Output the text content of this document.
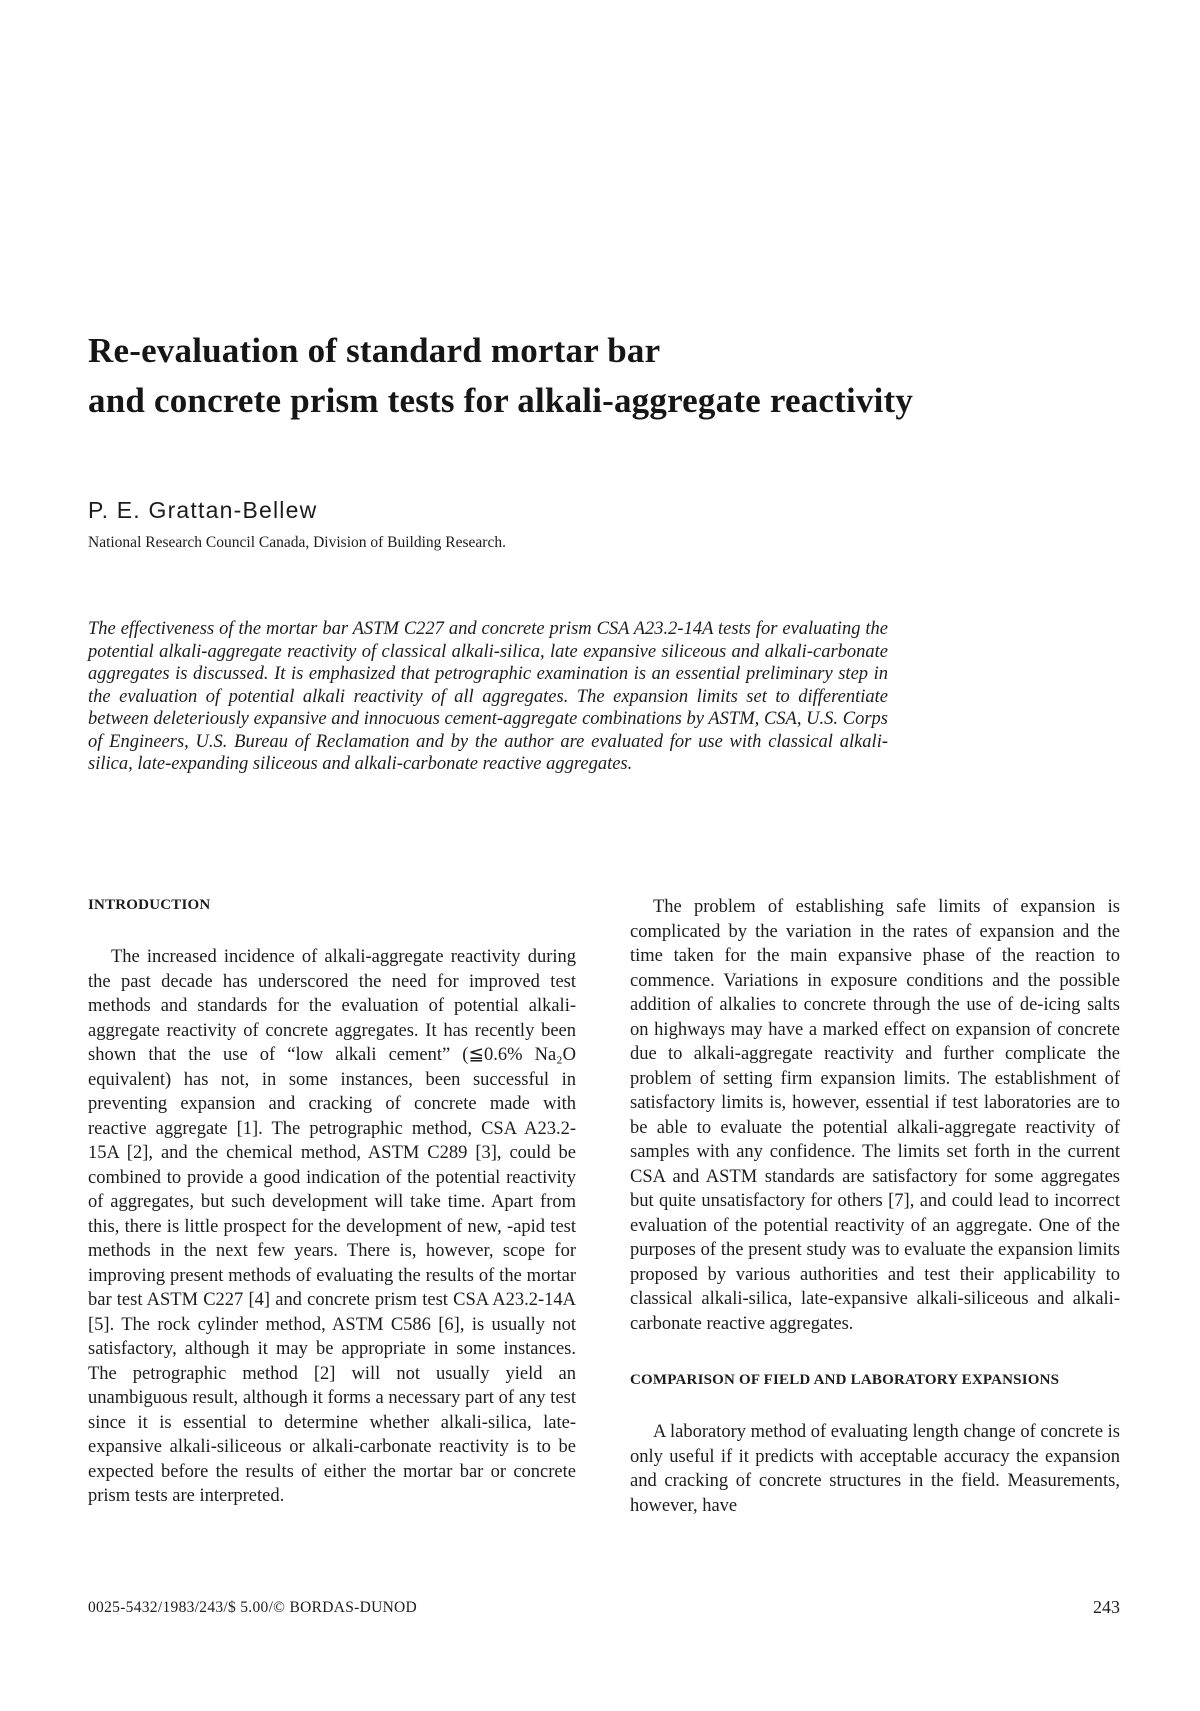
Re-evaluation of standard mortar bar
and concrete prism tests for alkali-aggregate reactivity

P. E. Grattan-Bellew

National Research Council Canada, Division of Building Research.

The effectiveness of the mortar bar ASTM C227 and concrete prism CSA A23.2-14A tests for evaluating the potential alkali-aggregate reactivity of classical alkali-silica, late expansive siliceous and alkali-carbonate aggregates is discussed. It is emphasized that petrographic examination is an essential preliminary step in the evaluation of potential alkali reactivity of all aggregates. The expansion limits set to differentiate between deleteriously expansive and innocuous cement-aggregate combinations by ASTM, CSA, U.S. Corps of Engineers, U.S. Bureau of Reclamation and by the author are evaluated for use with classical alkali-silica, late-expanding siliceous and alkali-carbonate reactive aggregates.

INTRODUCTION

The increased incidence of alkali-aggregate reactivity during the past decade has underscored the need for improved test methods and standards for the evaluation of potential alkali-aggregate reactivity of concrete aggregates. It has recently been shown that the use of “low alkali cement” (≦0.6% Na₂O equivalent) has not, in some instances, been successful in preventing expansion and cracking of concrete made with reactive aggregate [1]. The petrographic method, CSA A23.2-15A [2], and the chemical method, ASTM C289 [3], could be combined to provide a good indication of the potential reactivity of aggregates, but such development will take time. Apart from this, there is little prospect for the development of new, -apid test methods in the next few years. There is, however, scope for improving present methods of evaluating the results of the mortar bar test ASTM C227 [4] and concrete prism test CSA A23.2-14A [5]. The rock cylinder method, ASTM C586 [6], is usually not satisfactory, although it may be appropriate in some instances. The petrographic method [2] will not usually yield an unambiguous result, although it forms a necessary part of any test since it is essential to determine whether alkali-silica, late-expansive alkali-siliceous or alkali-carbonate reactivity is to be expected before the results of either the mortar bar or concrete prism tests are interpreted.

The problem of establishing safe limits of expansion is complicated by the variation in the rates of expansion and the time taken for the main expansive phase of the reaction to commence. Variations in exposure conditions and the possible addition of alkalies to concrete through the use of de-icing salts on highways may have a marked effect on expansion of concrete due to alkali-aggregate reactivity and further complicate the problem of setting firm expansion limits. The establishment of satisfactory limits is, however, essential if test laboratories are to be able to evaluate the potential alkali-aggregate reactivity of samples with any confidence. The limits set forth in the current CSA and ASTM standards are satisfactory for some aggregates but quite unsatisfactory for others [7], and could lead to incorrect evaluation of the potential reactivity of an aggregate. One of the purposes of the present study was to evaluate the expansion limits proposed by various authorities and test their applicability to classical alkali-silica, late-expansive alkali-siliceous and alkali-carbonate reactive aggregates.

COMPARISON OF FIELD AND LABORATORY EXPANSIONS

A laboratory method of evaluating length change of concrete is only useful if it predicts with acceptable accuracy the expansion and cracking of concrete structures in the field. Measurements, however, have

0025-5432/1983/243/$ 5.00/© BORDAS-DUNOD	243
